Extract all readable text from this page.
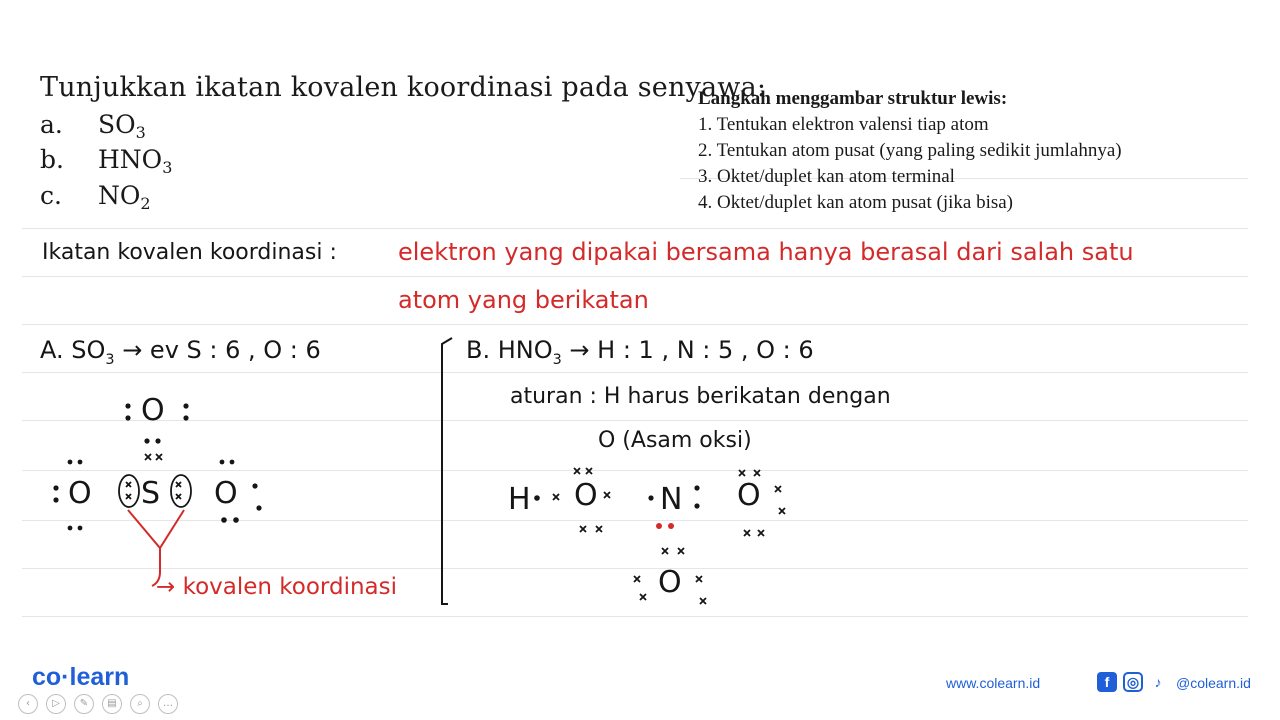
Tunjukkan ikatan kovalen koordinasi pada senyawa:
a. $SO_3$
b. $HNO_3$
c. $NO_2$
Langkah menggambar struktur lewis:
1. Tentukan elektron valensi tiap atom
2. Tentukan atom pusat (yang paling sedikit jumlahnya)
3. Oktet/duplet kan atom terminal
4. Oktet/duplet kan atom pusat (jika bisa)
Ikatan kovalen koordinasi :	elektron yang dipakai bersama hanya berasal dari salah satu
atom yang berikatan
A. $SO_3$ → ev S : 6 , O : 6	B. $HNO_3 \to H$ : 1 , N : 5 , O : 6
aturan : H harus berikatan dengan
O (Asam oksi)
O
O S O
→ kovalen koordinasi
H O N O
O
co·learn
‹	▷	✎	▤	⌕	…
www.colearn.id	f	◎	♪	@colearn.id
